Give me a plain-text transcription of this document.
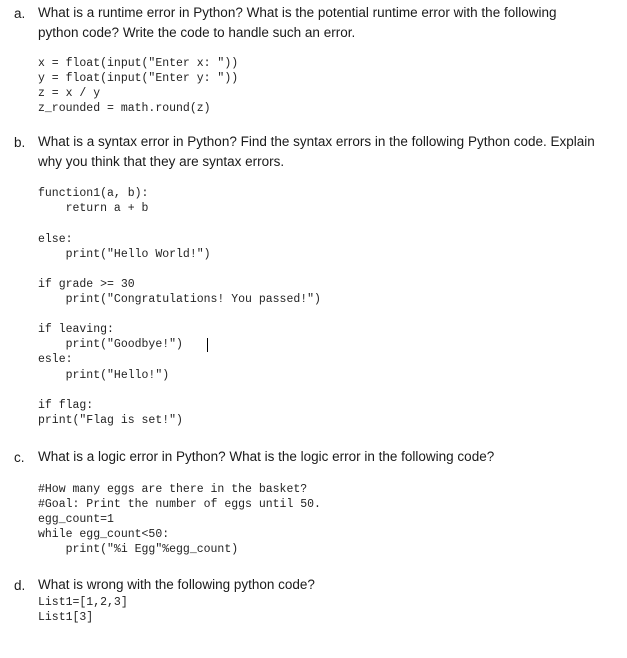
a. What is a runtime error in Python? What is the potential runtime error with the following
python code? Write the code to handle such an error.
x = float(input("Enter x: "))
y = float(input("Enter y: "))
z = x / y
z_rounded = math.round(z)
b. What is a syntax error in Python? Find the syntax errors in the following Python code. Explain
why you think that they are syntax errors.
function1(a, b):
return a + b
else:
print("Hello World!")
if grade >= 30
print("Congratulations! You passed!")
if leaving:
print("Goodbye!")
esle:
print("Hello!")
if flag:
print("Flag is set!")
c. What is a logic error in Python? What is the logic error in the following code?
#How many eggs are there in the basket?
#Goal: Print the number of eggs until 50.
egg_count=1
while egg_count<50:
print("%i Egg"%egg_count)
d. What is wrong with the following python code?
List1=[1,2,3]
List1[3]
